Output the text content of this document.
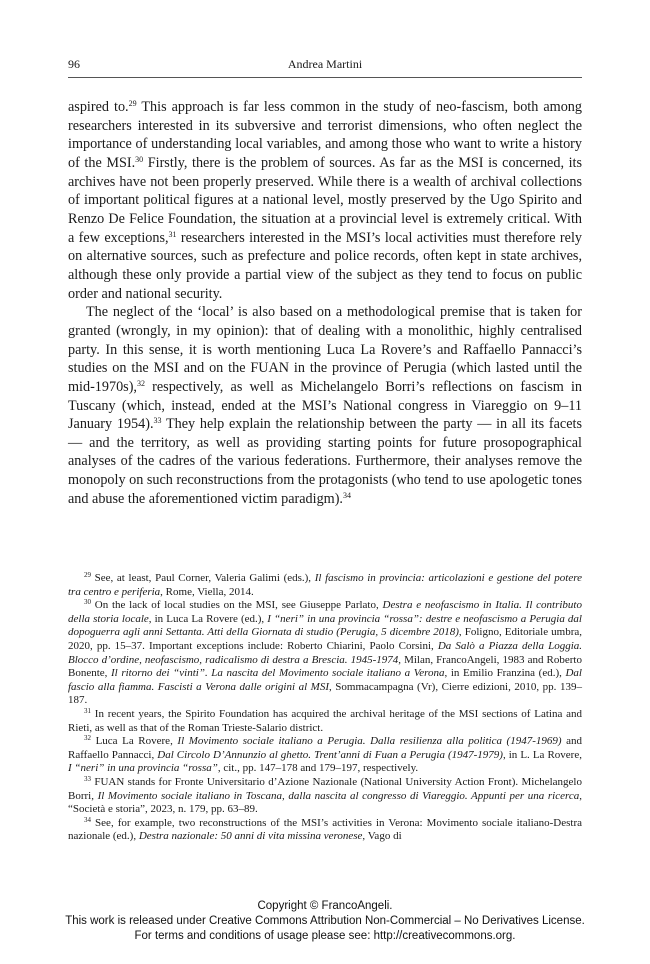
96	Andrea Martini

aspired to.$^{29}$ This approach is far less common in the study of neo-fascism, both among researchers interested in its subversive and terrorist dimensions, who often neglect the importance of understanding local variables, and among those who want to write a history of the MSI.$^{30}$ Firstly, there is the problem of sources. As far as the MSI is concerned, its archives have not been properly preserved. While there is a wealth of archival collections of important political figures at a national level, mostly preserved by the Ugo Spirito and Renzo De Felice Foundation, the situation at a provincial level is extremely critical. With a few exceptions,$^{31}$ researchers interested in the MSI’s local activities must therefore rely on alternative sources, such as prefecture and police records, often kept in state archives, although these only provide a partial view of the subject as they tend to focus on public order and national security.

The neglect of the ‘local’ is also based on a methodological premise that is taken for granted (wrongly, in my opinion): that of dealing with a monolithic, highly centralised party. In this sense, it is worth mentioning Luca La Rovere’s and Raffaello Pannacci’s studies on the MSI and on the FUAN in the province of Perugia (which lasted until the mid-1970s),$^{32}$ respectively, as well as Michelangelo Borri’s reflections on fascism in Tuscany (which, instead, ended at the MSI’s National congress in Viareggio on 9–11 January 1954).$^{33}$ They help explain the relationship between the party — in all its facets — and the territory, as well as providing starting points for future prosopographical analyses of the cadres of the various federations. Furthermore, their analyses remove the monopoly on such reconstructions from the protagonists (who tend to use apologetic tones and abuse the aforementioned victim paradigm).$^{34}$

$^{29}$ See, at least, Paul Corner, Valeria Galimi (eds.), Il fascismo in provincia: articolazioni e gestione del potere tra centro e periferia, Rome, Viella, 2014.

$^{30}$ On the lack of local studies on the MSI, see Giuseppe Parlato, Destra e neofascismo in Italia. Il contributo della storia locale, in Luca La Rovere (ed.), I “neri” in una provincia “rossa”: destre e neofascismo a Perugia dal dopoguerra agli anni Settanta. Atti della Giornata di studio (Perugia, 5 dicembre 2018), Foligno, Editoriale umbra, 2020, pp. 15–37. Important exceptions include: Roberto Chiarini, Paolo Corsini, Da Salò a Piazza della Loggia. Blocco d’ordine, neofascismo, radicalismo di destra a Brescia. 1945-1974, Milan, FrancoAngeli, 1983 and Roberto Bonente, Il ritorno dei “vinti”. La nascita del Movimento sociale italiano a Verona, in Emilio Franzina (ed.), Dal fascio alla fiamma. Fascisti a Verona dalle origini al MSI, Sommacampagna (Vr), Cierre edizioni, 2010, pp. 139–187.

$^{31}$ In recent years, the Spirito Foundation has acquired the archival heritage of the MSI sections of Latina and Rieti, as well as that of the Roman Trieste-Salario district.

$^{32}$ Luca La Rovere, Il Movimento sociale italiano a Perugia. Dalla resilienza alla politica (1947-1969) and Raffaello Pannacci, Dal Circolo D’Annunzio al ghetto. Trent’anni di Fuan a Perugia (1947-1979), in L. La Rovere, I “neri” in una provincia “rossa”, cit., pp. 147–178 and 179–197, respectively.

$^{33}$ FUAN stands for Fronte Universitario d’Azione Nazionale (National University Action Front). Michelangelo Borri, Il Movimento sociale italiano in Toscana, dalla nascita al congresso di Viareggio. Appunti per una ricerca, “Società e storia”, 2023, n. 179, pp. 63–89.

$^{34}$ See, for example, two reconstructions of the MSI’s activities in Verona: Movimento sociale italiano-Destra nazionale (ed.), Destra nazionale: 50 anni di vita missina veronese, Vago di

Copyright © FrancoAngeli.
This work is released under Creative Commons Attribution Non-Commercial – No Derivatives License.
For terms and conditions of usage please see: http://creativecommons.org.
